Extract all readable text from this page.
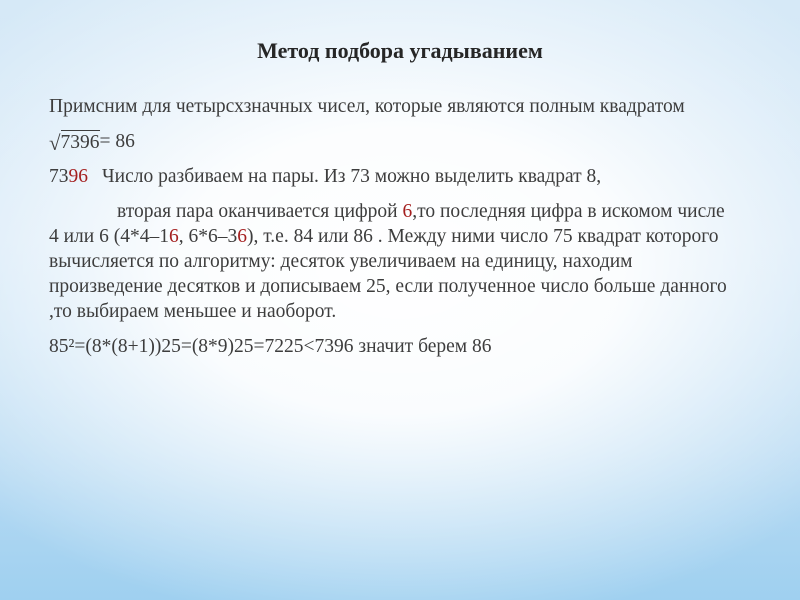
Метод подбора угадыванием

Примсним для четырсхзначных чисел, которые являются полным квадратом

√ 7396 = 86

7396 Число разбиваем на пары. Из 73 можно выделить квадрат 8,

вторая пара оканчивается цифрой 6,то последняя цифра в искомом числе 4 или 6 (4*4–16, 6*6–36), т.е. 84 или 86 . Между ними число 75 квадрат которого вычисляется по алгоритму: десяток увеличиваем на единицу, находим произведение десятков и дописываем 25, если полученное число больше данного ,то выбираем меньшее и наоборот.

85²=(8*(8+1))25=(8*9)25=7225<7396 значит берем 86
